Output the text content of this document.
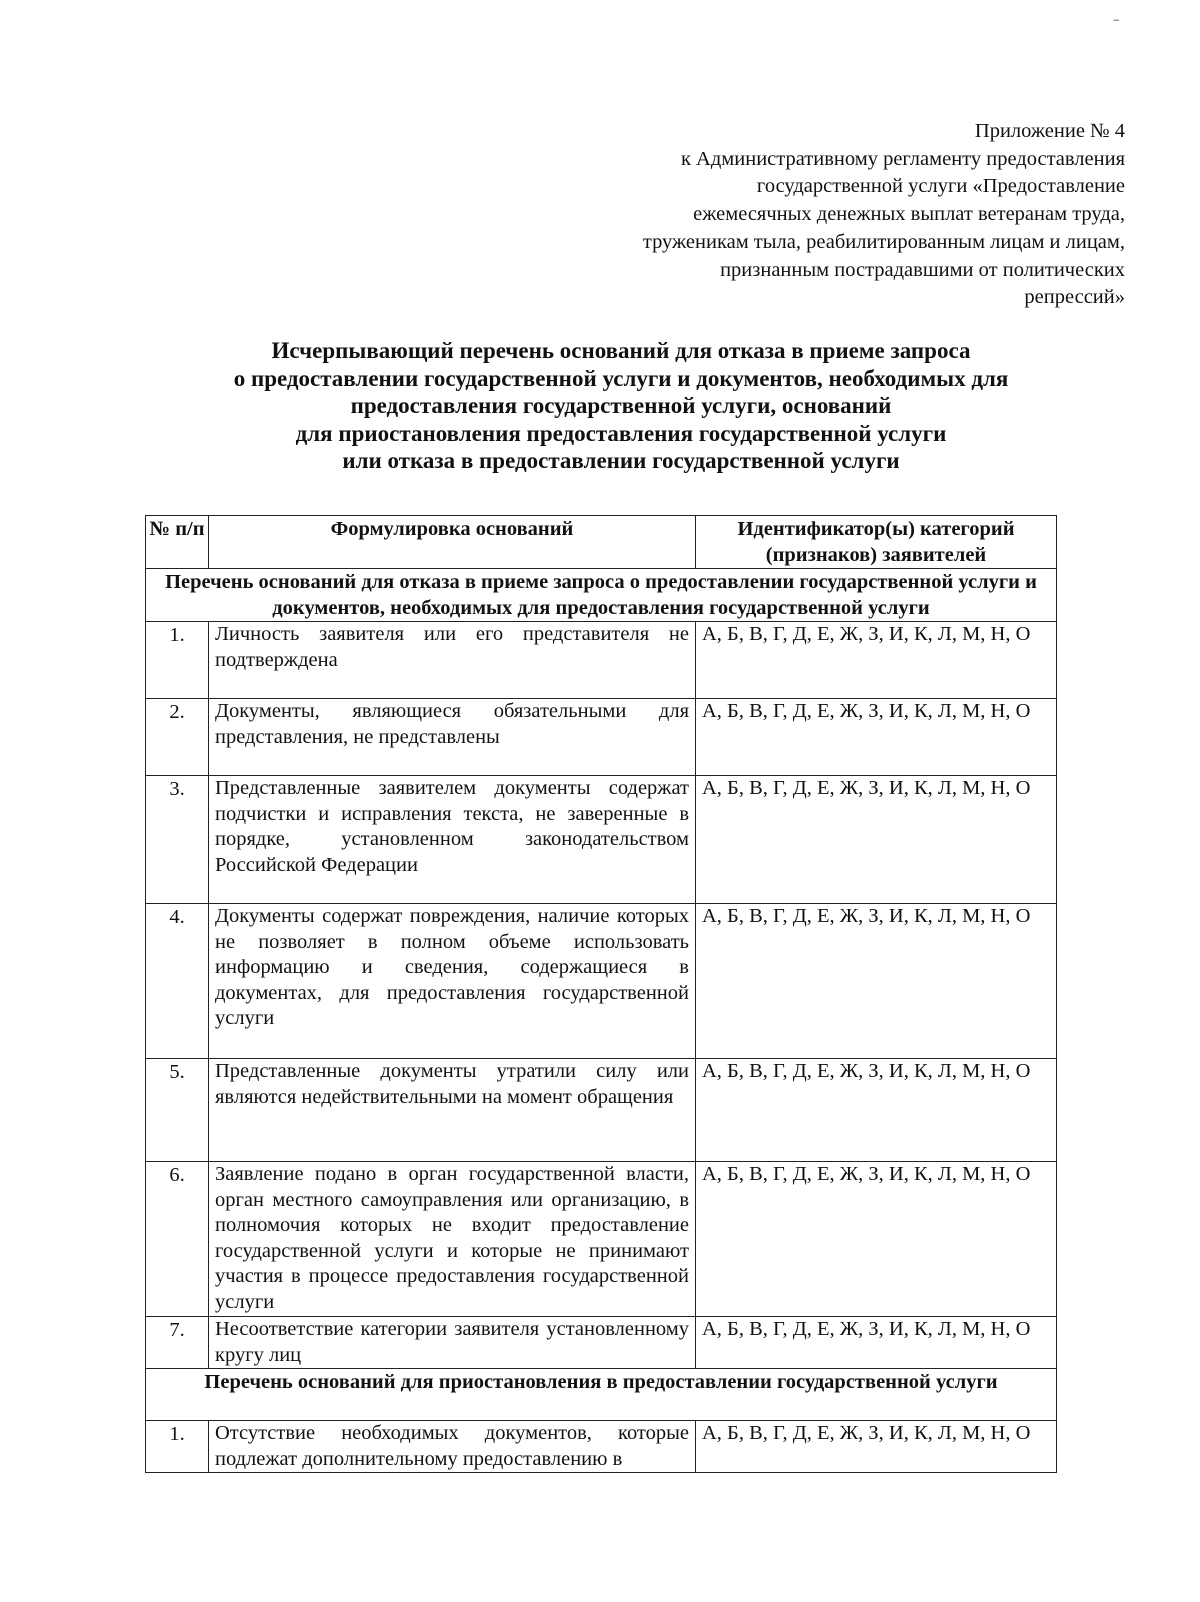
-
Приложение № 4
к Административному регламенту предоставления
государственной услуги «Предоставление
ежемесячных денежных выплат ветеранам труда,
труженикам тыла, реабилитированным лицам и лицам,
признанным пострадавшими от политических
репрессий»
Исчерпывающий перечень оснований для отказа в приеме запроса
о предоставлении государственной услуги и документов, необходимых для
предоставления государственной услуги, оснований
для приостановления предоставления государственной услуги
или отказа в предоставлении государственной услуги
№ п/п	Формулировка оснований	Идентификатор(ы) категорий (признаков) заявителей
Перечень оснований для отказа в приеме запроса о предоставлении государственной услуги и документов, необходимых для предоставления государственной услуги		
1.	Личность заявителя или его представителя не подтверждена	А, Б, В, Г, Д, Е, Ж, З, И, К, Л, М, Н, О
2.	Документы, являющиеся обязательными для представления, не представлены	А, Б, В, Г, Д, Е, Ж, З, И, К, Л, М, Н, О
3.	Представленные заявителем документы содержат подчистки и исправления текста, не заверенные в порядке, установленном законодательством Российской Федерации	А, Б, В, Г, Д, Е, Ж, З, И, К, Л, М, Н, О
4.	Документы содержат повреждения, наличие которых не позволяет в полном объеме использовать информацию и сведения, содержащиеся в документах, для предоставления государственной услуги	А, Б, В, Г, Д, Е, Ж, З, И, К, Л, М, Н, О
5.	Представленные документы утратили силу или являются недействительными на момент обращения	А, Б, В, Г, Д, Е, Ж, З, И, К, Л, М, Н, О
6.	Заявление подано в орган государственной власти, орган местного самоуправления или организацию, в полномочия которых не входит предоставление государственной услуги и которые не принимают участия в процессе предоставления государственной услуги	А, Б, В, Г, Д, Е, Ж, З, И, К, Л, М, Н, О
7.	Несоответствие категории заявителя установленному кругу лиц	А, Б, В, Г, Д, Е, Ж, З, И, К, Л, М, Н, О
Перечень оснований для приостановления в предоставлении государственной услуги		
1.	Отсутствие необходимых документов, которые подлежат дополнительному предоставлению в	А, Б, В, Г, Д, Е, Ж, З, И, К, Л, М, Н, О
